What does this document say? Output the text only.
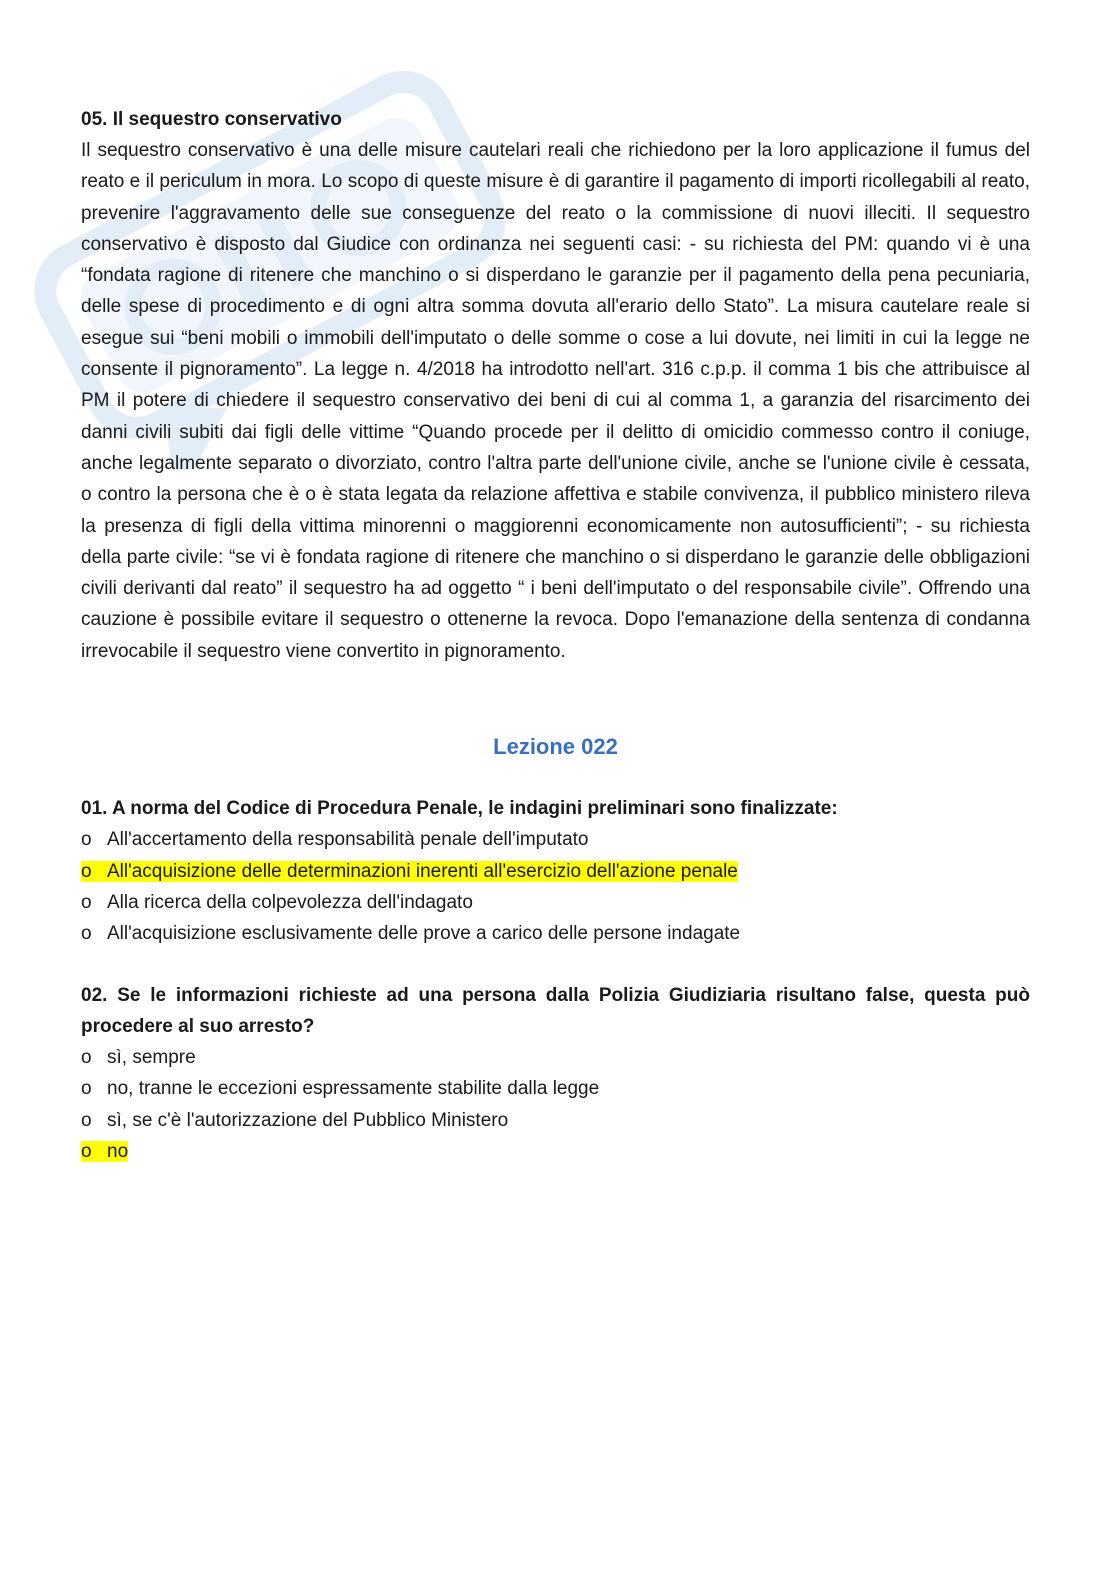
05. Il sequestro conservativo

Il sequestro conservativo è una delle misure cautelari reali che richiedono per la loro applicazione il fumus del reato e il periculum in mora. Lo scopo di queste misure è di garantire il pagamento di importi ricollegabili al reato, prevenire l'aggravamento delle sue conseguenze del reato o la commissione di nuovi illeciti. Il sequestro conservativo è disposto dal Giudice con ordinanza nei seguenti casi: - su richiesta del PM: quando vi è una “fondata ragione di ritenere che manchino o si disperdano le garanzie per il pagamento della pena pecuniaria, delle spese di procedimento e di ogni altra somma dovuta all'erario dello Stato”. La misura cautelare reale si esegue sui “beni mobili o immobili dell'imputato o delle somme o cose a lui dovute, nei limiti in cui la legge ne consente il pignoramento”. La legge n. 4/2018 ha introdotto nell'art. 316 c.p.p. il comma 1 bis che attribuisce al PM il potere di chiedere il sequestro conservativo dei beni di cui al comma 1, a garanzia del risarcimento dei danni civili subiti dai figli delle vittime “Quando procede per il delitto di omicidio commesso contro il coniuge, anche legalmente separato o divorziato, contro l'altra parte dell'unione civile, anche se l'unione civile è cessata, o contro la persona che è o è stata legata da relazione affettiva e stabile convivenza, il pubblico ministero rileva la presenza di figli della vittima minorenni o maggiorenni economicamente non autosufficienti”; - su richiesta della parte civile: “se vi è fondata ragione di ritenere che manchino o si disperdano le garanzie delle obbligazioni civili derivanti dal reato” il sequestro ha ad oggetto “ i beni dell'imputato o del responsabile civile”. Offrendo una cauzione è possibile evitare il sequestro o ottenerne la revoca. Dopo l'emanazione della sentenza di condanna irrevocabile il sequestro viene convertito in pignoramento.

Lezione 022

01. A norma del Codice di Procedura Penale, le indagini preliminari sono finalizzate:

o All'accertamento della responsabilità penale dell'imputato
o All'acquisizione delle determinazioni inerenti all'esercizio dell'azione penale
o Alla ricerca della colpevolezza dell'indagato
o All'acquisizione esclusivamente delle prove a carico delle persone indagate

02. Se le informazioni richieste ad una persona dalla Polizia Giudiziaria risultano false, questa può procedere al suo arresto?

o sì, sempre
o no, tranne le eccezioni espressamente stabilite dalla legge
o sì, se c'è l'autorizzazione del Pubblico Ministero
o no
